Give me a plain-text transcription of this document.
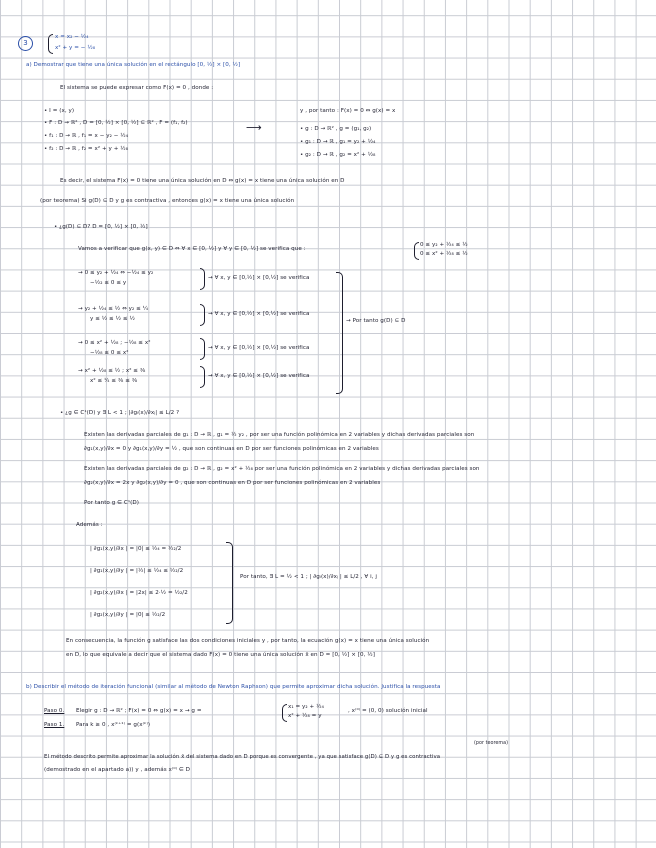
3
x = x₂ − ½₄
x² + y = − ½₈
a) Demostrar que tiene una única solución en el rectángulo [0, ½] × [0, ½]
El sistema se puede expresar como F(x) = 0 , donde :
• I = (x, y)
• F : D → ℝ² , D = [0, ½] × [0, ½] ⊆ ℝ² , F = (f₁, f₂)
• f₁ : D → ℝ , f₁ = x − y₂ − ½₄
• f₂ : D → ℝ , f₂ = x² + y + ½₈
⟶
y , por tanto : F(x) = 0 ⇔ g(x) = x
• g : D → ℝ² , g = (g₁, g₂)
• g₁ : D → ℝ , g₁ = y₂ + ½₄
• g₂ : D → ℝ , g₂ = x² + ½₈
Es decir, el sistema F(x) = 0 tiene una única solución en D ⇔ g(x) = x tiene una única solución en D
(por teorema) Si g(D) ⊆ D y g es contractiva , entonces g(x) = x tiene una única solución
• ¿g(D) ⊆ D? D = [0, ½] × [0, ½]
Vamos a verificar que g(x, y) ∈ D ⇔ ∀ x ∈ [0, ½] y ∀ y ∈ [0, ½] se verifica que :
0 ≤ y₂ + ½₄ ≤ ½
0 ≤ x² + ½₈ ≤ ½
→ 0 ≤ y₂ + ½₄ ⇔ −½₄ ≤ y₂
−½₂ ≤ 0 ≤ y
→ ∀ x, y ∈ [0,½] × [0,½] se verifica
→ y₂ + ½₄ ≤ ½ ⇔ y₂ ≤ ¼
y ≤ ½ ≤ ½ ≤ ½
→ ∀ x, y ∈ [0,½] × [0,½] se verifica
→ 0 ≤ x² + ½₈ ; −½₈ ≤ x²
−½₈ ≤ 0 ≤ x²
→ ∀ x, y ∈ [0,½] × [0,½] se verifica
→ x² + ½₈ ≤ ½ ; x² ≤ ⅜
x² ≤ ¼ ≤ ⅜ ≤ ⅜
→ ∀ x, y ∈ [0,½] × [0,½] se verifica
→ Por tanto g(D) ⊆ D
• ¿g ∈ C¹(D) y ∃ L < 1 ; |∂gᵢ(x)/∂xⱼ| ≤ L/2 ?
Existen las derivadas parciales de g₁ : D → ℝ , g₁ = ½ y₂ , por ser una función polinómica en 2 variables y dichas derivadas parciales son
∂g₁(x,y)/∂x = 0 y ∂g₁(x,y)/∂y = ½ , que son continuas en D por ser funciones polinómicas en 2 variables
Existen las derivadas parciales de g₂ : D → ℝ , g₂ = x² + ½₈ por ser una función polinómica en 2 variables y dichas derivadas parciales son
∂g₂(x,y)/∂x = 2x y ∂g₂(x,y)/∂y = 0 , que son continuas en D por ser funciones polinómicas en 2 variables
Por tanto g ∈ C¹(D)
Además :
| ∂g₁(x,y)/∂x | = |0| ≤ ½₄ = ½₂/2
| ∂g₁(x,y)/∂y | = |½| ≤ ½₄ ≤ ½₂/2
| ∂g₂(x,y)/∂x | = |2x| ≤ 2·½ = ½₂/2
| ∂g₂(x,y)/∂y | = |0| ≤ ½₂/2
Por tanto, ∃ L = ½ < 1 ; | ∂gᵢ(x)/∂xⱼ | ≤ L/2 , ∀ i, j
En consecuencia, la función g satisface las dos condiciones iniciales y , por tanto, la ecuación g(x) = x tiene una única solución
en D, lo que equivale a decir que el sistema dado F(x) = 0 tiene una única solución x̄ en D = [0, ½] × [0, ½]
b) Describir el método de iteración funcional (similar al método de Newton Raphson) que permite aproximar dicha solución. Justifica la respuesta
Paso 0. Elegir g : D → ℝ² ; F(x) = 0 ⇔ g(x) = x → g =
x₁ = y₂ + ½₄
x² + ½₈ = y
, x⁽⁰⁾ = (0, 0) solución inicial
Paso 1. Para k ≥ 0 , x⁽ᵏ⁺¹⁾ = g(x⁽ᵏ⁾)
(por teorema)
El método descrito permite aproximar la solución x̄ del sistema dado en D porque es convergente , ya que satisface g(D) ⊆ D y g es contractiva
(demostrado en el apartado a)) y , además x⁽⁰⁾ ∈ D
